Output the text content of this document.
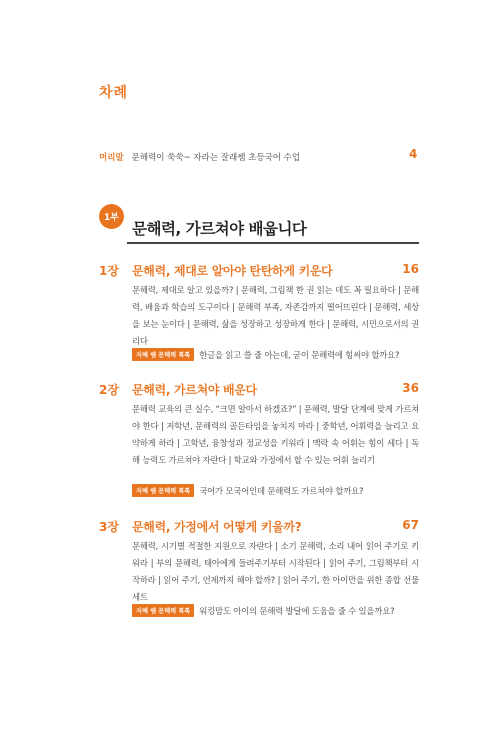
차례
머리말 문해력이 쑥쑥~ 자라는 잘래쌤 초등국어 수업	4
1부
문해력, 가르쳐야 배웁니다
1장 문해력, 제대로 알아야 탄탄하게 키운다	16
문해력, 제대로 알고 있을까? | 문해력, 그림책 한 권 읽는 데도 꼭 필요하다 | 문해력, 배움과 학습의 도구이다 | 문해력 부족, 자존감까지 떨어뜨린다 | 문해력, 세상을 보는 눈이다 | 문해력, 삶을 성장하고 성장하게 한다 | 문해력, 시민으로서의 권리다
지혜 쌤 문해력 톡톡	한글을 읽고 쓸 줄 아는데, 굳이 문해력에 힘써야 할까요?
2장 문해력, 가르쳐야 배운다	36
문해력 교육의 큰 실수, “크면 알아서 하겠죠?” | 문해력, 발달 단계에 맞게 가르쳐야 한다 | 저학년, 문해력의 골든타임을 놓치지 마라 | 중학년, 어휘력을 늘리고 요약하게 하라 | 고학년, 융창성과 정교성을 키워라 | 맥락 속 어휘는 힘이 세다 | 독해 능력도 가르쳐야 자란다 | 학교와 가정에서 할 수 있는 어휘 늘리기
지혜 쌤 문해력 톡톡	국어가 모국어인데 문해력도 가르쳐야 할까요?
3장 문해력, 가정에서 어떻게 키울까?	67
문해력, 시기별 적절한 지원으로 자란다 | 소기 문해력, 소리 내어 읽어 주기로 키워라 | 부의 문해력, 태아에게 들려주기부터 시작된다 | 읽어 주기, 그림책부터 시작하라 | 읽어 주기, 언제까지 해야 할까? | 읽어 주기, 한 아이만을 위한 종합 선물 세트
지혜 쌤 문해력 톡톡	워킹맘도 아이의 문해력 발달에 도움을 줄 수 있을까요?
